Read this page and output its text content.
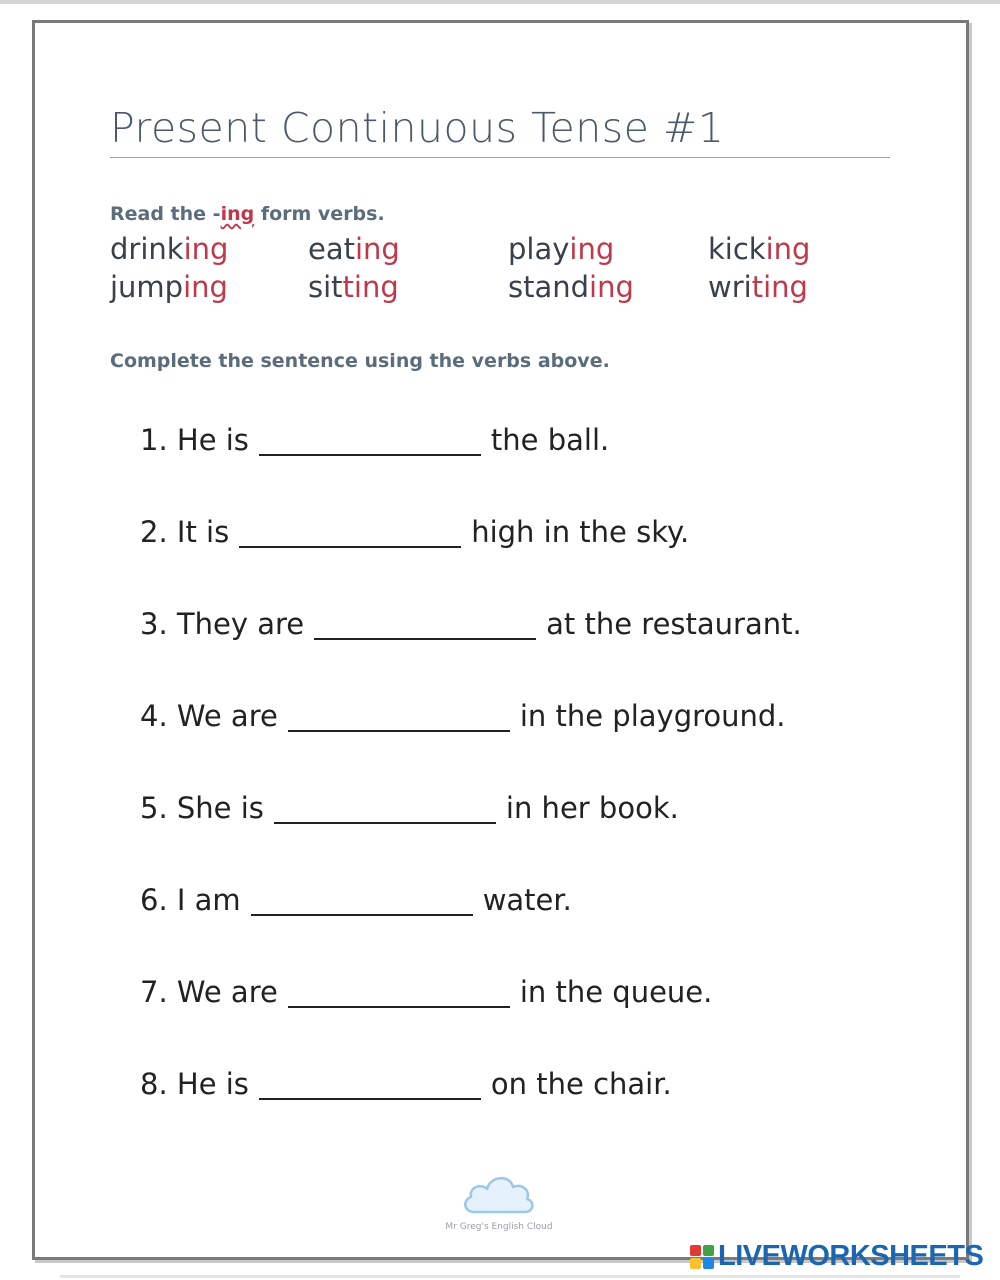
Present Continuous Tense #1
Read the -ing form verbs.
drinking	eating	playing	kicking
jumping	sitting	standing	writing
Complete the sentence using the verbs above.
1. He is	the ball.
2. It is	high in the sky.
3. They are	at the restaurant.
4. We are	in the playground.
5. She is	in her book.
6. I am	water.
7. We are	in the queue.
8. He is	on the chair.
Mr Greg's English Cloud
LIVEWORKSHEETS
